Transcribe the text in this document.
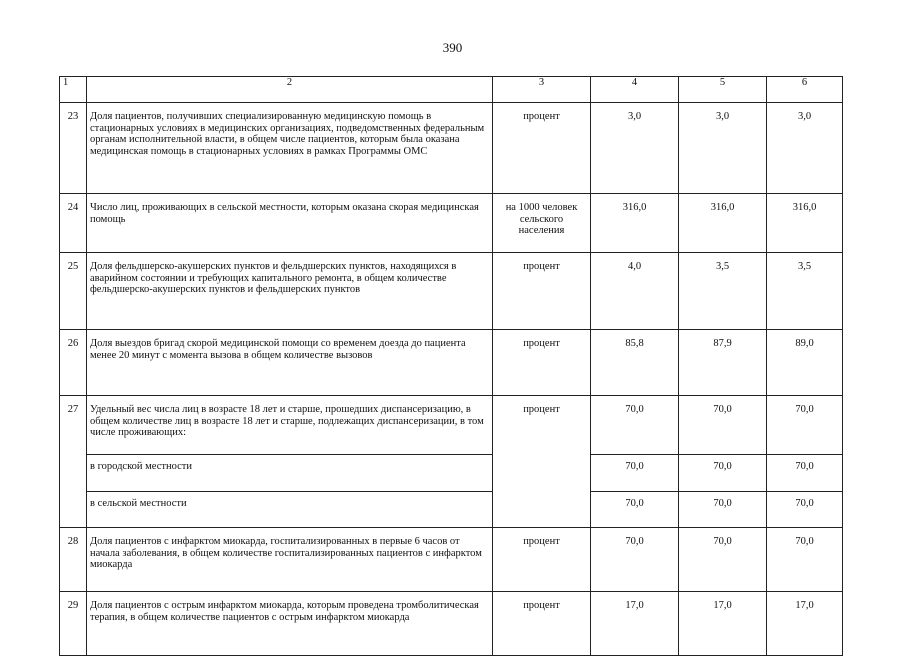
390
1	2	3	4	5	6
23	Доля пациентов, получивших специализированную медицинскую помощь в стационарных условиях в медицинских организациях, подведомственных федеральным органам исполнительной власти, в общем числе пациентов, которым была оказана медицинская помощь в стационарных условиях в рамках Программы ОМС	процент	3,0	3,0	3,0
24	Число лиц, проживающих в сельской местности, которым оказана скорая медицинская помощь	на 1000 человек сельского населения	316,0	316,0	316,0
25	Доля фельдшерско-акушерских пунктов и фельдшерских пунктов, находящихся в аварийном состоянии и требующих капитального ремонта, в общем количестве фельдшерско-акушерских пунктов и фельдшерских пунктов	процент	4,0	3,5	3,5
26	Доля выездов бригад скорой медицинской помощи со временем доезда до пациента менее 20 минут с момента вызова в общем количестве вызовов	процент	85,8	87,9	89,0
27	Удельный вес числа лиц в возрасте 18 лет и старше, прошедших диспансеризацию, в общем количестве лиц в возрасте 18 лет и старше, подлежащих диспансеризации, в том числе проживающих:	процент	70,0	70,0	70,0
	в городской местности		70,0	70,0	70,0
	в сельской местности		70,0	70,0	70,0
28	Доля пациентов с инфарктом миокарда, госпитализированных в первые 6 часов от начала заболевания, в общем количестве госпитализированных пациентов с инфарктом миокарда	процент	70,0	70,0	70,0
29	Доля пациентов с острым инфарктом миокарда, которым проведена тромболитическая терапия, в общем количестве пациентов с острым инфарктом миокарда	процент	17,0	17,0	17,0
